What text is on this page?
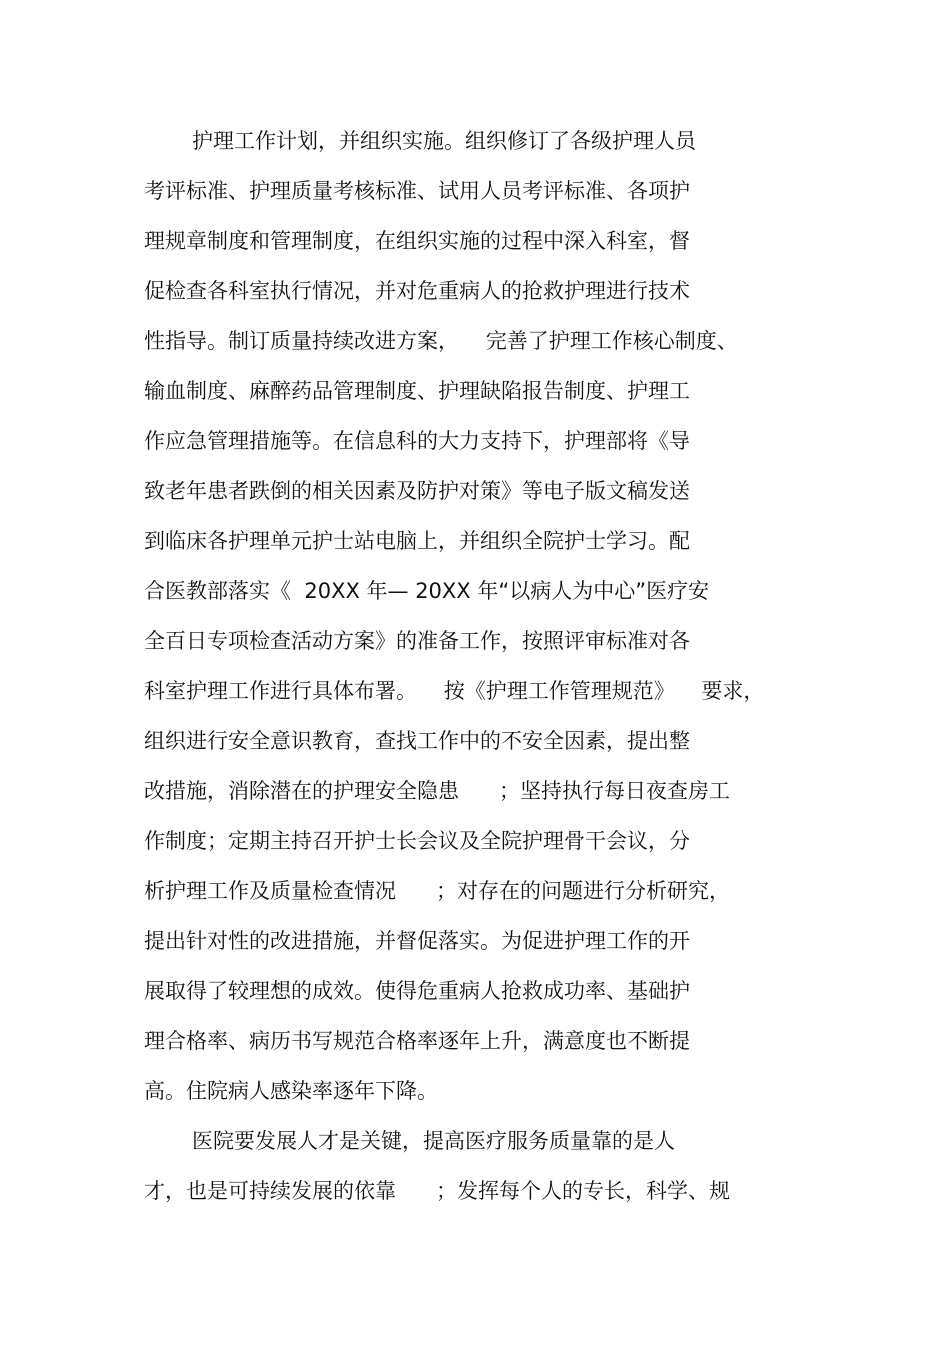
护理工作计划，并组织实施。组织修订了各级护理人员
考评标准、护理质量考核标准、试用人员考评标准、各项护
理规章制度和管理制度，在组织实施的过程中深入科室，督
促检查各科室执行情况，并对危重病人的抢救护理进行技术
性指导。制订质量持续改进方案，    完善了护理工作核心制度、
输血制度、麻醉药品管理制度、护理缺陷报告制度、护理工
作应急管理措施等。在信息科的大力支持下，护理部将《导
致老年患者跌倒的相关因素及防护对策》等电子版文稿发送
到临床各护理单元护士站电脑上，并组织全院护士学习。配
合医教部落实《  20XX 年— 20XX 年“以病人为中心”医疗安
全百日专项检查活动方案》的准备工作，按照评审标准对各
科室护理工作进行具体布署。    按《护理工作管理规范》    要求，
组织进行安全意识教育，查找工作中的不安全因素，提出整
改措施，消除潜在的护理安全隐患      ；坚持执行每日夜查房工
作制度；定期主持召开护士长会议及全院护理骨干会议，分
析护理工作及质量检查情况      ；对存在的问题进行分析研究，
提出针对性的改进措施，并督促落实。为促进护理工作的开
展取得了较理想的成效。使得危重病人抢救成功率、基础护
理合格率、病历书写规范合格率逐年上升，满意度也不断提
高。住院病人感染率逐年下降。
医院要发展人才是关键，提高医疗服务质量靠的是人
才，也是可持续发展的依靠      ；发挥每个人的专长，科学、规
